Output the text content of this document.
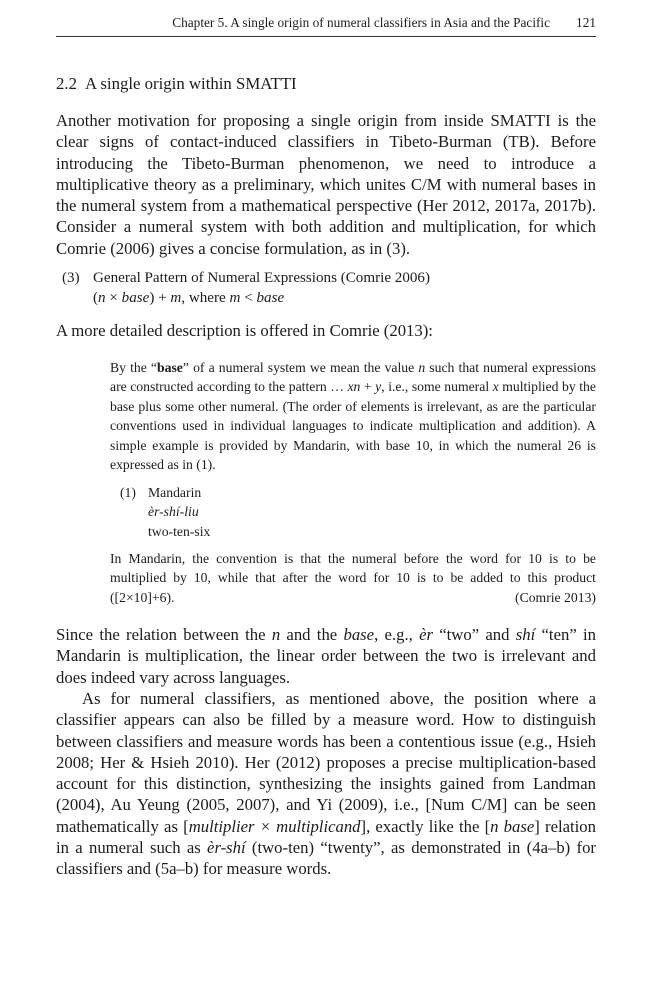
Chapter 5. A single origin of numeral classifiers in Asia and the Pacific 121
2.2 A single origin within SMATTI

Another motivation for proposing a single origin from inside SMATTI is the clear signs of contact-induced classifiers in Tibeto-Burman (TB). Before introducing the Tibeto-Burman phenomenon, we need to introduce a multiplicative theory as a preliminary, which unites C/M with numeral bases in the numeral system from a mathematical perspective (Her 2012, 2017a, 2017b). Consider a numeral system with both addition and multiplication, for which Comrie (2006) gives a concise formulation, as in (3).

(3) General Pattern of Numeral Expressions (Comrie 2006)
(n × base) + m, where m < base

A more detailed description is offered in Comrie (2013):

By the “base” of a numeral system we mean the value n such that numeral expressions are constructed according to the pattern … xn + y, i.e., some numeral x multiplied by the base plus some other numeral. (The order of elements is irrelevant, as are the particular conventions used in individual languages to indicate multiplication and addition). A simple example is provided by Mandarin, with base 10, in which the numeral 26 is expressed as in (1).

(1) Mandarin
èr-shí-liu
two-ten-six

In Mandarin, the convention is that the numeral before the word for 10 is to be multiplied by 10, while that after the word for 10 is to be added to this product ([2×10]+6).	(Comrie 2013)

Since the relation between the n and the base, e.g., èr “two” and shí “ten” in Mandarin is multiplication, the linear order between the two is irrelevant and does indeed vary across languages.

As for numeral classifiers, as mentioned above, the position where a classifier appears can also be filled by a measure word. How to distinguish between classifiers and measure words has been a contentious issue (e.g., Hsieh 2008; Her & Hsieh 2010). Her (2012) proposes a precise multiplication-based account for this distinction, synthesizing the insights gained from Landman (2004), Au Yeung (2005, 2007), and Yi (2009), i.e., [Num C/M] can be seen mathematically as [multiplier × multiplicand], exactly like the [n base] relation in a numeral such as èr-shí (two-ten) “twenty”, as demonstrated in (4a–b) for classifiers and (5a–b) for measure words.
